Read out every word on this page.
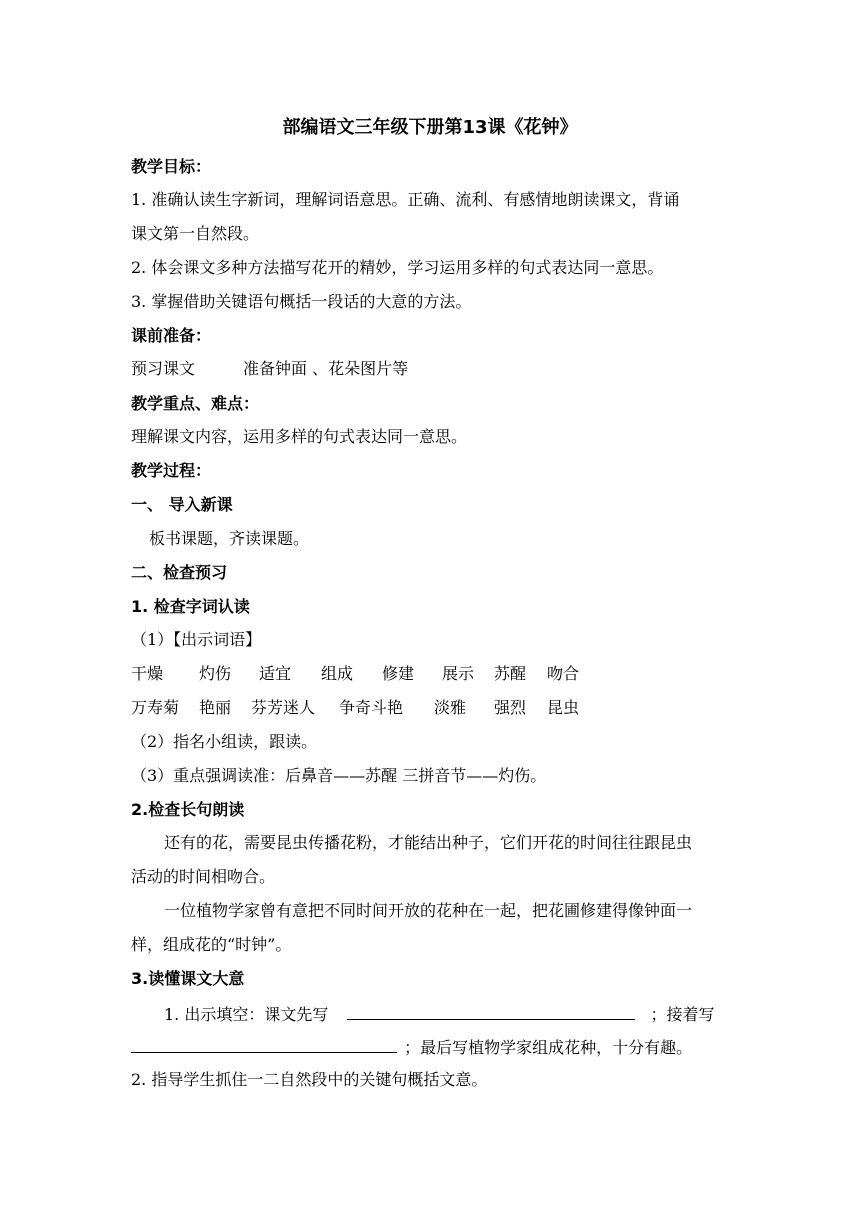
部编语文三年级下册第13课《花钟》
教学目标：
1. 准确认读生字新词，理解词语意思。正确、流利、有感情地朗读课文，背诵
课文第一自然段。
2. 体会课文多种方法描写花开的精妙，学习运用多样的句式表达同一意思。
3. 掌握借助关键语句概括一段话的大意的方法。
课前准备：
预习课文	准备钟面 、花朵图片等
教学重点、难点：
理解课文内容，运用多样的句式表达同一意思。
教学过程：
一、 导入新课
板书课题，齐读课题。
二、检查预习
1. 检查字词认读
（1）【出示词语】
干燥 灼伤 适宜 组成 修建 展示 苏醒 吻合
万寿菊 艳丽 芬芳迷人 争奇斗艳 淡雅 强烈 昆虫
（2）指名小组读，跟读。
（3）重点强调读准：后鼻音——苏醒 三拼音节——灼伤。
2.检查长句朗读
还有的花，需要昆虫传播花粉，才能结出种子，它们开花的时间往往跟昆虫
活动的时间相吻合。
一位植物学家曾有意把不同时间开放的花种在一起，把花圃修建得像钟面一
样，组成花的“时钟”。
3.读懂课文大意
1. 出示填空：课文先写	；接着写
；最后写植物学家组成花种，十分有趣。
2. 指导学生抓住一二自然段中的关键句概括文意。
